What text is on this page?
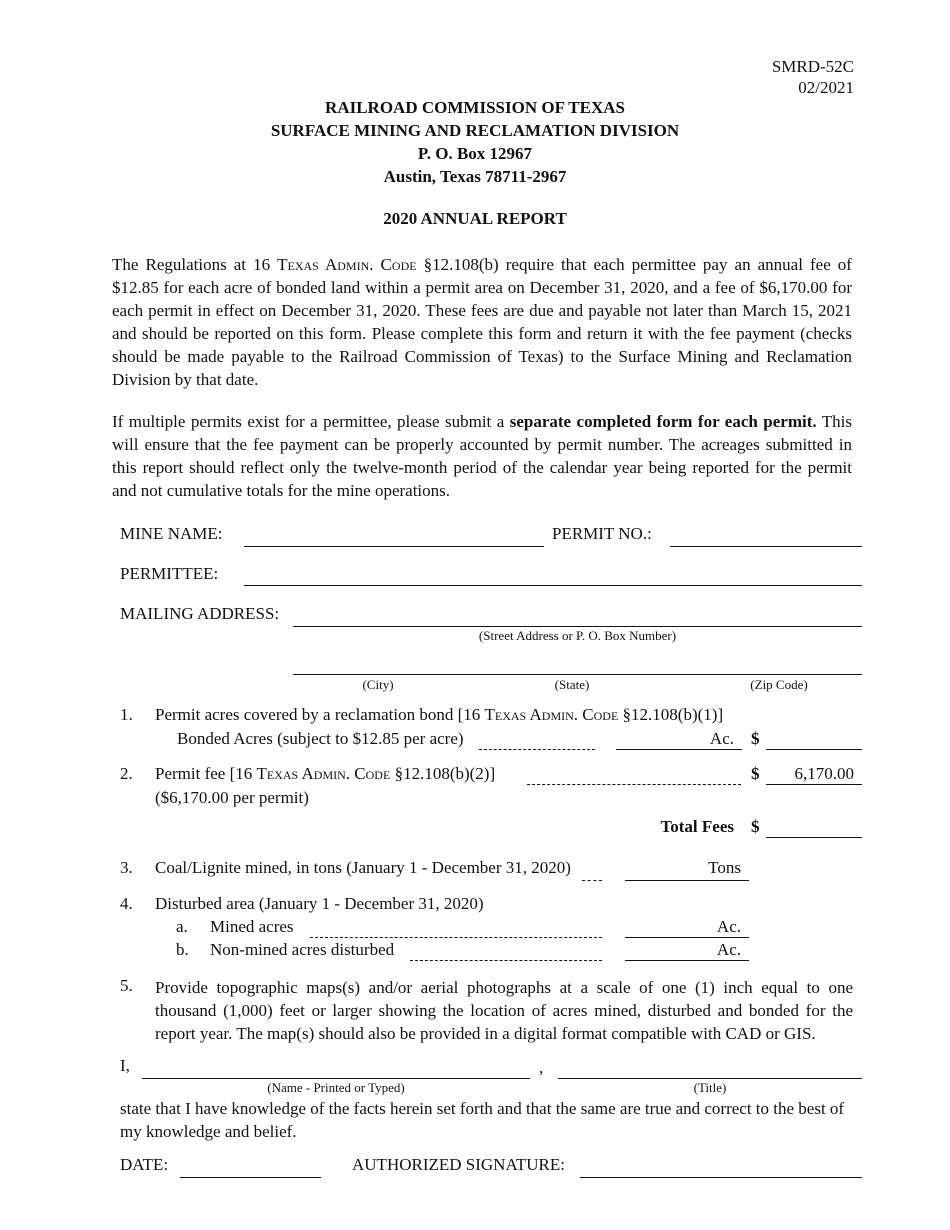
SMRD-52C
02/2021
RAILROAD COMMISSION OF TEXAS
SURFACE MINING AND RECLAMATION DIVISION
P. O. Box 12967
Austin, Texas 78711-2967
2020 ANNUAL REPORT
The Regulations at 16 Texas Admin. Code §12.108(b) require that each permittee pay an annual fee of $12.85 for each acre of bonded land within a permit area on December 31, 2020, and a fee of $6,170.00 for each permit in effect on December 31, 2020. These fees are due and payable not later than March 15, 2021 and should be reported on this form. Please complete this form and return it with the fee payment (checks should be made payable to the Railroad Commission of Texas) to the Surface Mining and Reclamation Division by that date.
If multiple permits exist for a permittee, please submit a separate completed form for each permit. This will ensure that the fee payment can be properly accounted by permit number. The acreages submitted in this report should reflect only the twelve-month period of the calendar year being reported for the permit and not cumulative totals for the mine operations.
MINE NAME:	PERMIT NO.:
PERMITTEE:
MAILING ADDRESS:
(Street Address or P. O. Box Number)
(City)	(State)	(Zip Code)
1. Permit acres covered by a reclamation bond [16 Texas Admin. Code §12.108(b)(1)]
Bonded Acres (subject to $12.85 per acre)	Ac. $
2. Permit fee [16 Texas Admin. Code §12.108(b)(2)]	$	6,170.00
($6,170.00 per permit)
Total Fees $
3. Coal/Lignite mined, in tons (January 1 - December 31, 2020)	Tons
4. Disturbed area (January 1 - December 31, 2020)
a. Mined acres	Ac.
b. Non-mined acres disturbed	Ac.
5. Provide topographic maps(s) and/or aerial photographs at a scale of one (1) inch equal to one thousand (1,000) feet or larger showing the location of acres mined, disturbed and bonded for the report year. The map(s) should also be provided in a digital format compatible with CAD or GIS.
I,	,
(Name - Printed or Typed)	(Title)
state that I have knowledge of the facts herein set forth and that the same are true and correct to the best of my knowledge and belief.
DATE:	AUTHORIZED SIGNATURE:
